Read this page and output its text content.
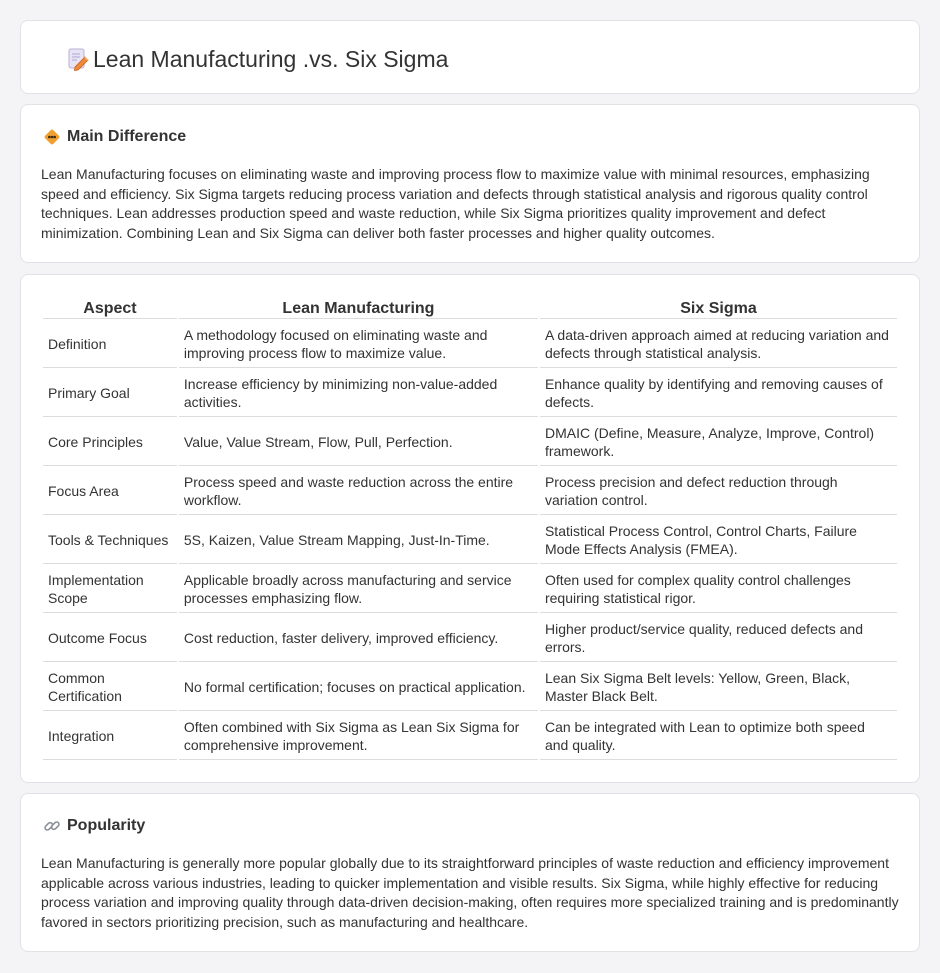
Lean Manufacturing .vs. Six Sigma
Main Difference

Lean Manufacturing focuses on eliminating waste and improving process flow to maximize value with minimal resources, emphasizing speed and efficiency. Six Sigma targets reducing process variation and defects through statistical analysis and rigorous quality control techniques. Lean addresses production speed and waste reduction, while Six Sigma prioritizes quality improvement and defect minimization. Combining Lean and Six Sigma can deliver both faster processes and higher quality outcomes.

Aspect	Lean Manufacturing	Six Sigma
Definition	A methodology focused on eliminating waste and improving process flow to maximize value.	A data-driven approach aimed at reducing variation and defects through statistical analysis.
Primary Goal	Increase efficiency by minimizing non-value-added activities.	Enhance quality by identifying and removing causes of defects.
Core Principles	Value, Value Stream, Flow, Pull, Perfection.	DMAIC (Define, Measure, Analyze, Improve, Control) framework.
Focus Area	Process speed and waste reduction across the entire workflow.	Process precision and defect reduction through variation control.
Tools & Techniques	5S, Kaizen, Value Stream Mapping, Just-In-Time.	Statistical Process Control, Control Charts, Failure Mode Effects Analysis (FMEA).
Implementation Scope	Applicable broadly across manufacturing and service processes emphasizing flow.	Often used for complex quality control challenges requiring statistical rigor.
Outcome Focus	Cost reduction, faster delivery, improved efficiency.	Higher product/service quality, reduced defects and errors.
Common Certification	No formal certification; focuses on practical application.	Lean Six Sigma Belt levels: Yellow, Green, Black, Master Black Belt.
Integration	Often combined with Six Sigma as Lean Six Sigma for comprehensive improvement.	Can be integrated with Lean to optimize both speed and quality.
Popularity

Lean Manufacturing is generally more popular globally due to its straightforward principles of waste reduction and efficiency improvement applicable across various industries, leading to quicker implementation and visible results. Six Sigma, while highly effective for reducing process variation and improving quality through data-driven decision-making, often requires more specialized training and is predominantly favored in sectors prioritizing precision, such as manufacturing and healthcare.
